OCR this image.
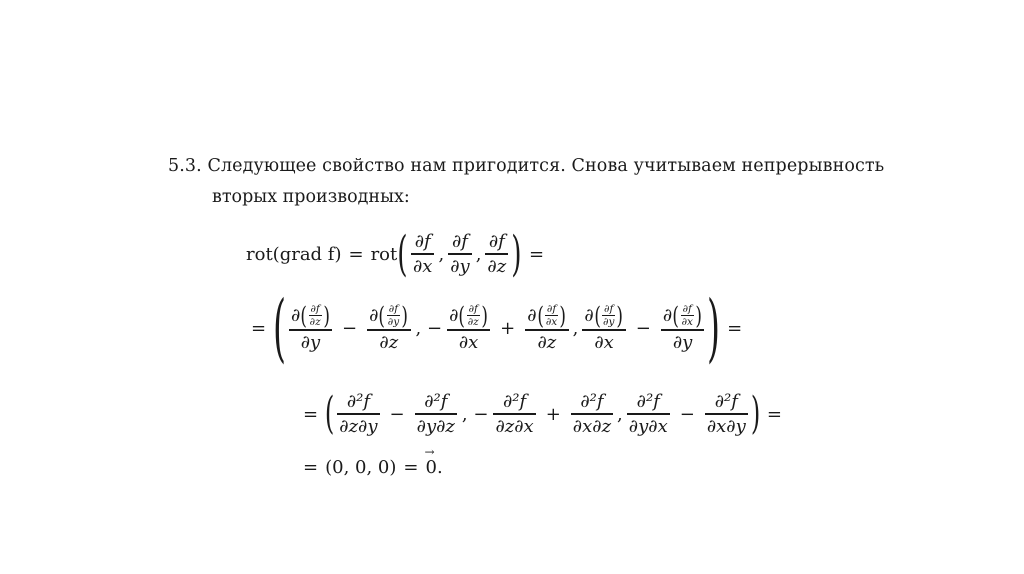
5.3. Следующее свойство нам пригодится. Снова учитываем непрерывность
вторых производных:
rot(grad f) = rot ( $\frac{\partial f}{\partial x}$ , $\frac{\partial f}{\partial y}$ , $\frac{\partial f}{\partial z}$ ) =
= ( $\frac{\partial( \frac{\partial f}{\partial z} )}{\partial y} - \frac{\partial( \frac{\partial f}{\partial y} )}{\partial z}$ , − $\frac{\partial( \frac{\partial f}{\partial z} )}{\partial x} + \frac{\partial( \frac{\partial f}{\partial x} )}{\partial z}$ , $\frac{\partial( \frac{\partial f}{\partial y} )}{\partial x} - \frac{\partial( \frac{\partial f}{\partial x} )}{\partial y}$ ) =
= ( $\frac{\text{∂²f}}{\partial z\partial y} - \frac{\text{∂²f}}{\partial y\partial z}$ , − $\frac{\text{∂²f}}{\partial z\partial x} + \frac{\text{∂²f}}{\partial x\partial z}$ , $\frac{\text{∂²f}}{\partial y\partial x} - \frac{\text{∂²f}}{\partial x\partial y}$ ) =
= (0, 0, 0) = 0 → .
